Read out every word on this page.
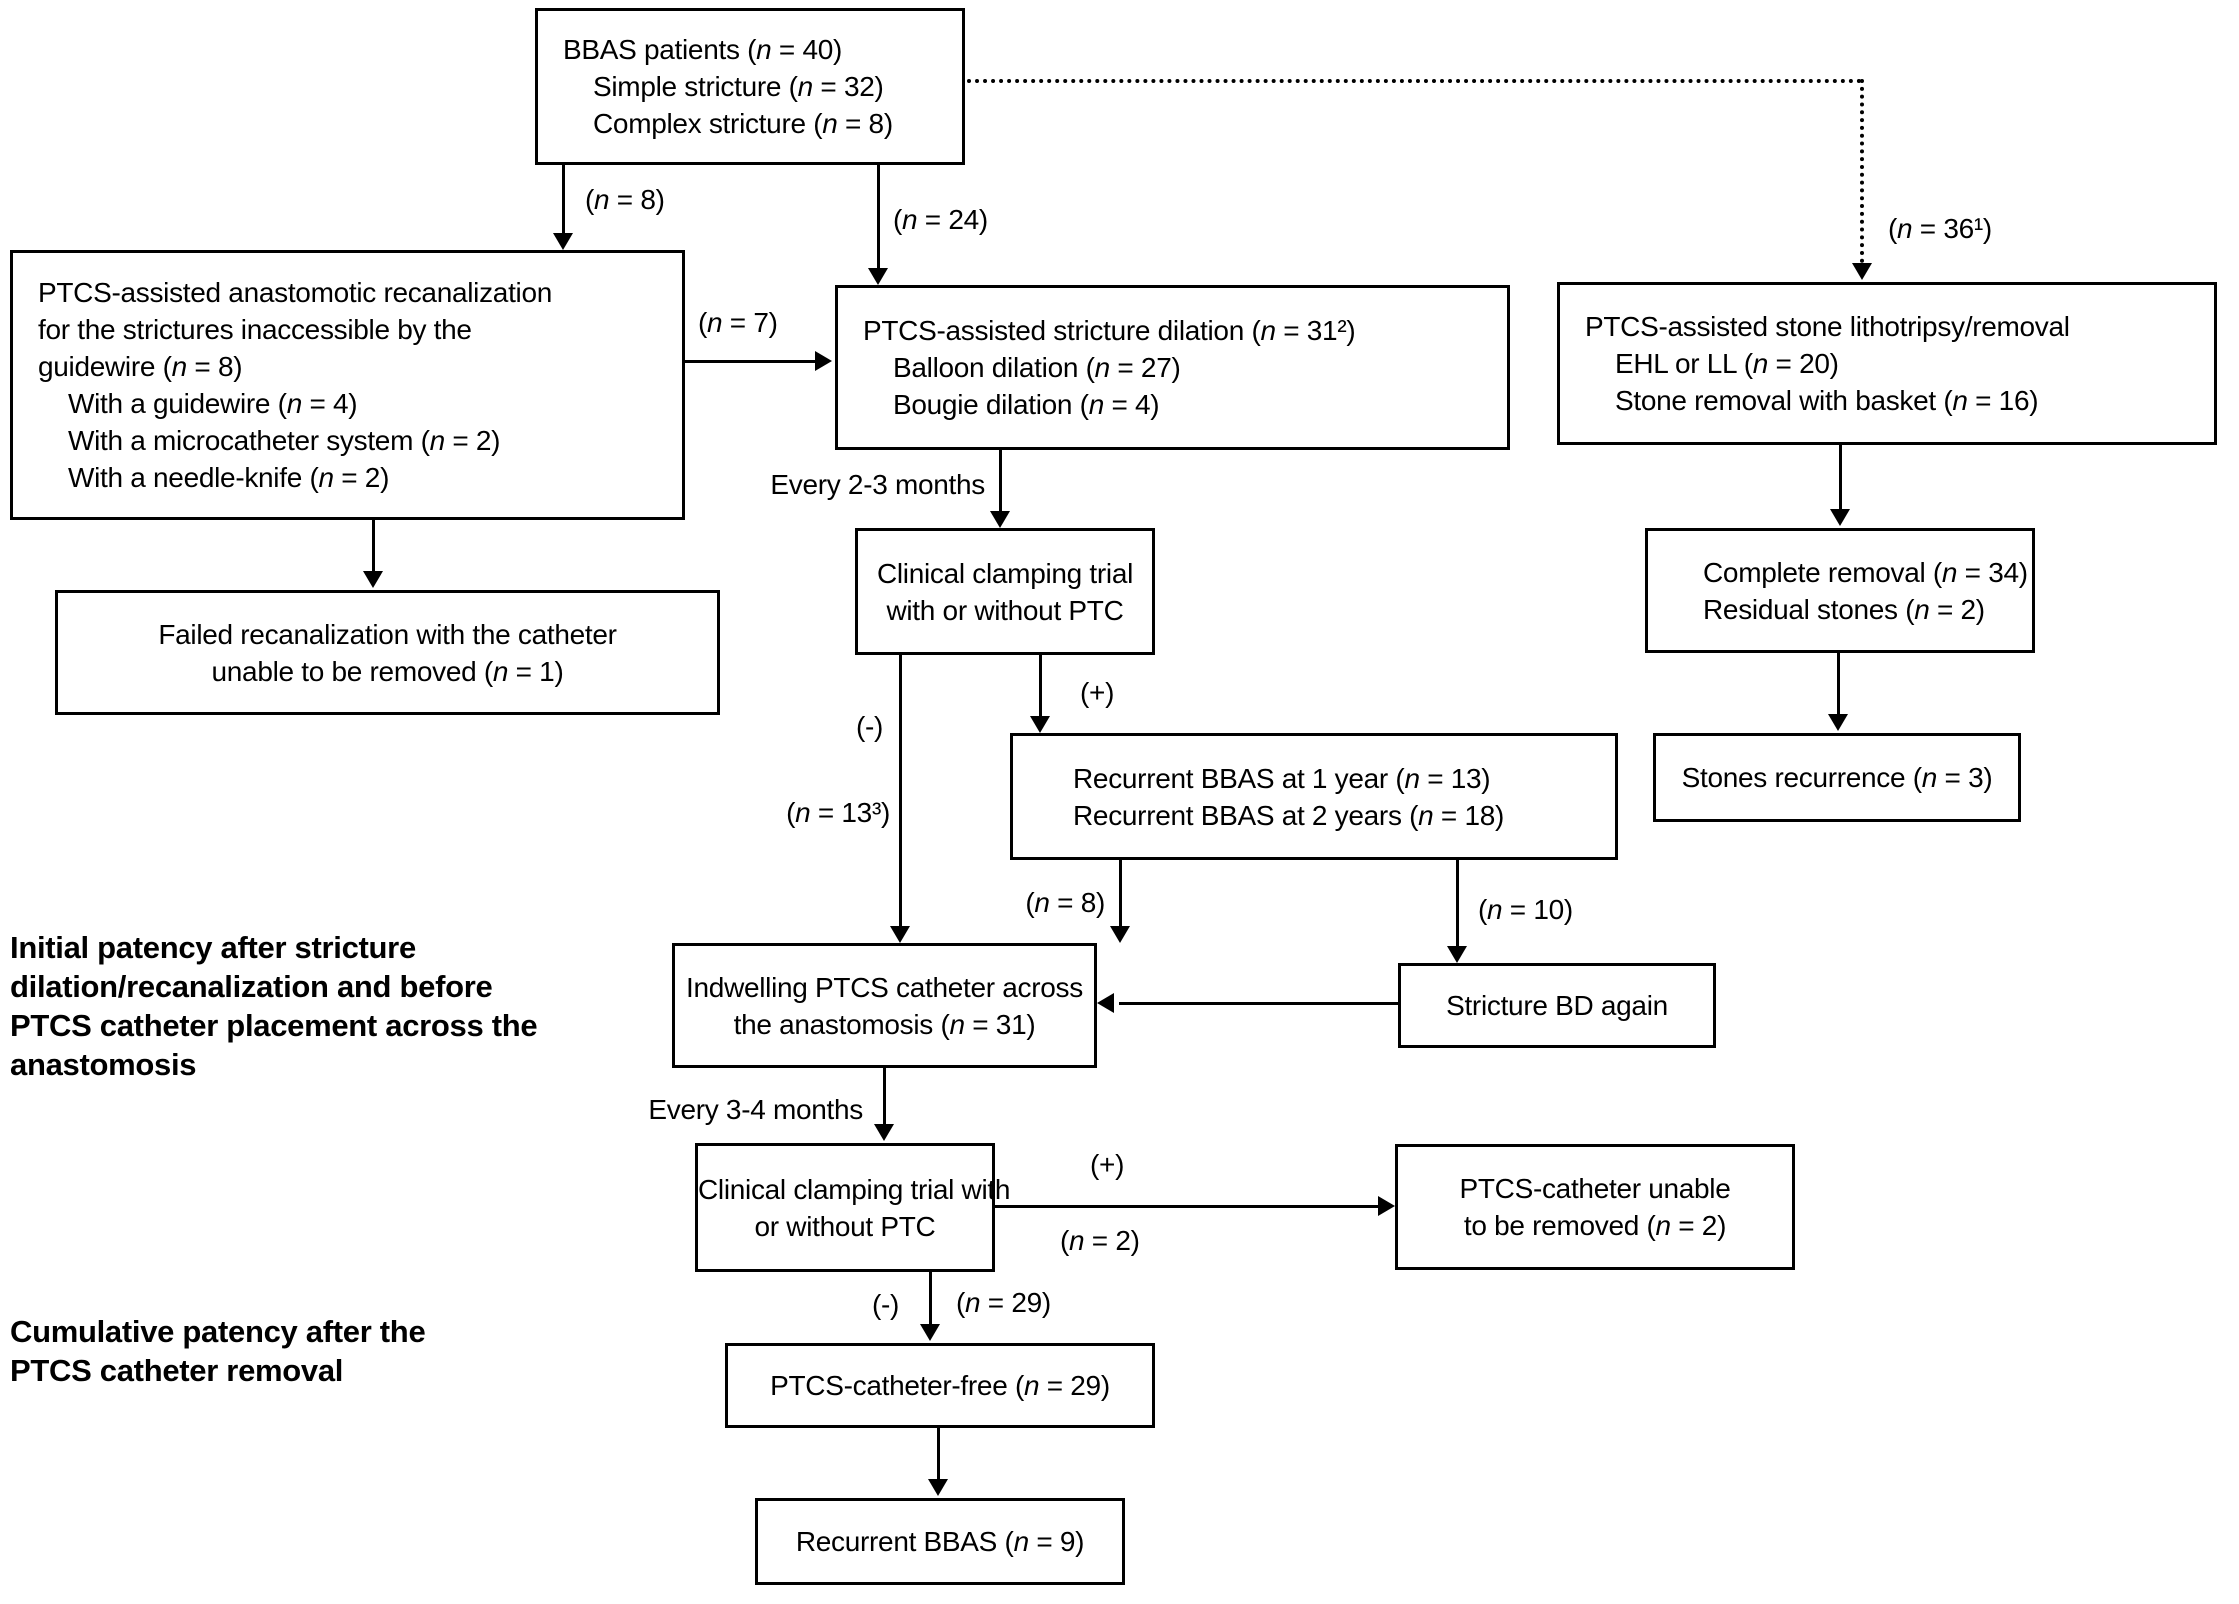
BBAS patients (n = 40)
Simple stricture (n = 32)
Complex stricture (n = 8)
PTCS-assisted anastomotic recanalization
for the strictures inaccessible by the
guidewire (n = 8)
With a guidewire (n = 4)
With a microcatheter system (n = 2)
With a needle-knife (n = 2)
PTCS-assisted stricture dilation (n = 31²)
Balloon dilation (n = 27)
Bougie dilation (n = 4)
PTCS-assisted stone lithotripsy/removal
EHL or LL (n = 20)
Stone removal with basket (n = 16)
Failed recanalization with the catheter
unable to be removed (n = 1)
Clinical clamping trial
with or without PTC
Recurrent BBAS at 1 year (n = 13)
Recurrent BBAS at 2 years (n = 18)
Complete removal (n = 34)
Residual stones (n = 2)
Stones recurrence (n = 3)
Indwelling PTCS catheter across
the anastomosis (n = 31)
Stricture BD again
Clinical clamping trial with
or without PTC
PTCS-catheter unable
to be removed (n = 2)
PTCS-catheter-free (n = 29)
Recurrent BBAS (n = 9)
(n = 8)
(n = 24)	(n = 36¹)
(n = 7)
Every 2-3 months
(-)
(n = 13³)
(+)
(n = 8)	(n = 10)
Every 3-4 months
(+)
(n = 2)
(-) (n = 29)
Initial patency after stricture
dilation/recanalization and before
PTCS catheter placement across the
anastomosis
Cumulative patency after the
PTCS catheter removal
